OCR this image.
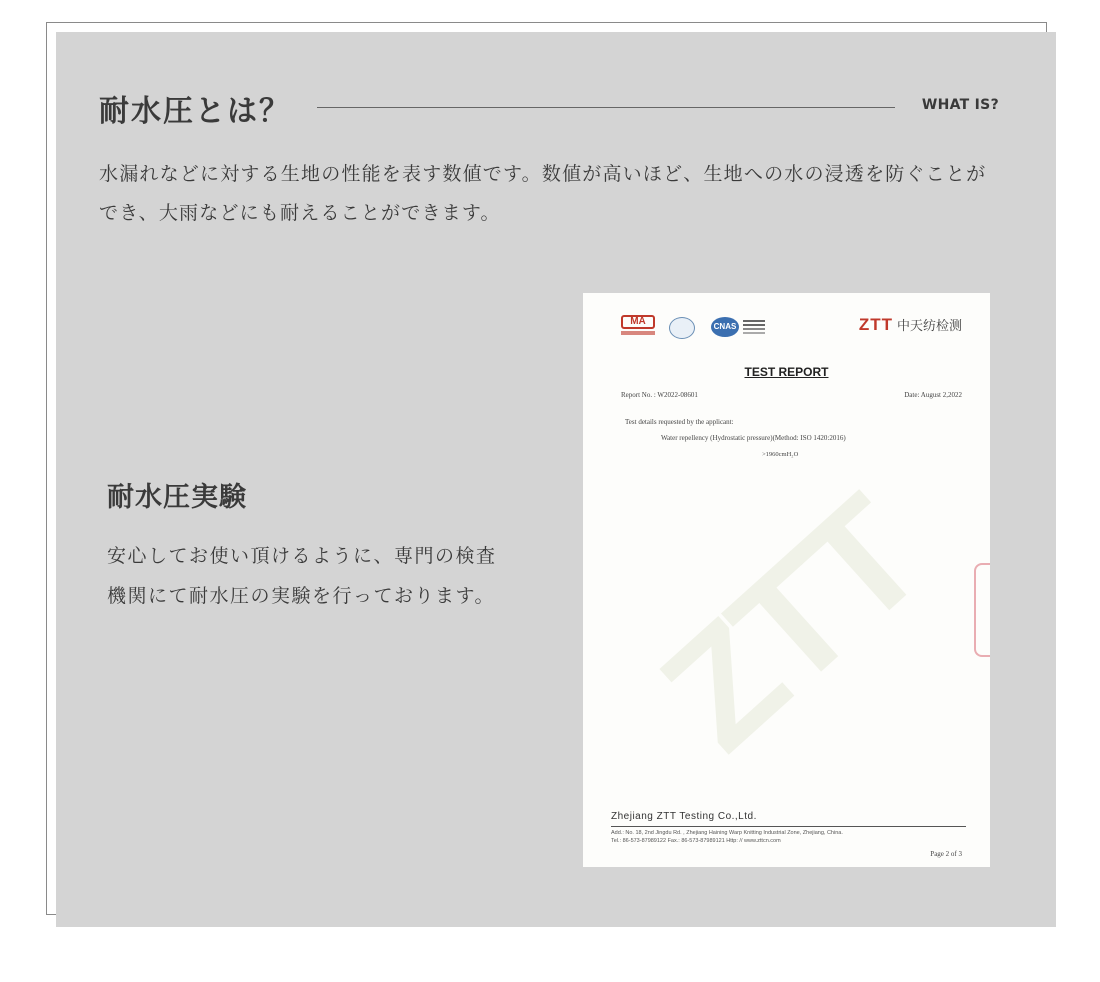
耐水圧とは？	WHAT IS?
水漏れなどに対する生地の性能を表す数値です。数値が高いほど、生地への水の浸透を防ぐことができ、大雨などにも耐えることができます。
耐水圧実験
安心してお使い頂けるように、専門の検査
機関にて耐水圧の実験を行っております。 ZTT
MA	CNAS	ZTT 中天纺检测
TEST REPORT
Report No. : W2022-08601	Date: August 2,2022
Test details requested by the applicant:
Water repellency (Hydrostatic pressure)(Method: ISO 1420:2016)
>1960cmH₂O
Zhejiang ZTT Testing Co.,Ltd.
Add.: No. 18, 2nd Jingdu Rd. , Zhejiang Haining Warp Knitting Industrial Zone, Zhejiang, China.
Tel.: 86-573-87989122 Fax.: 86-573-87989121 Http: // www.zttcn.com
Page 2 of 3
